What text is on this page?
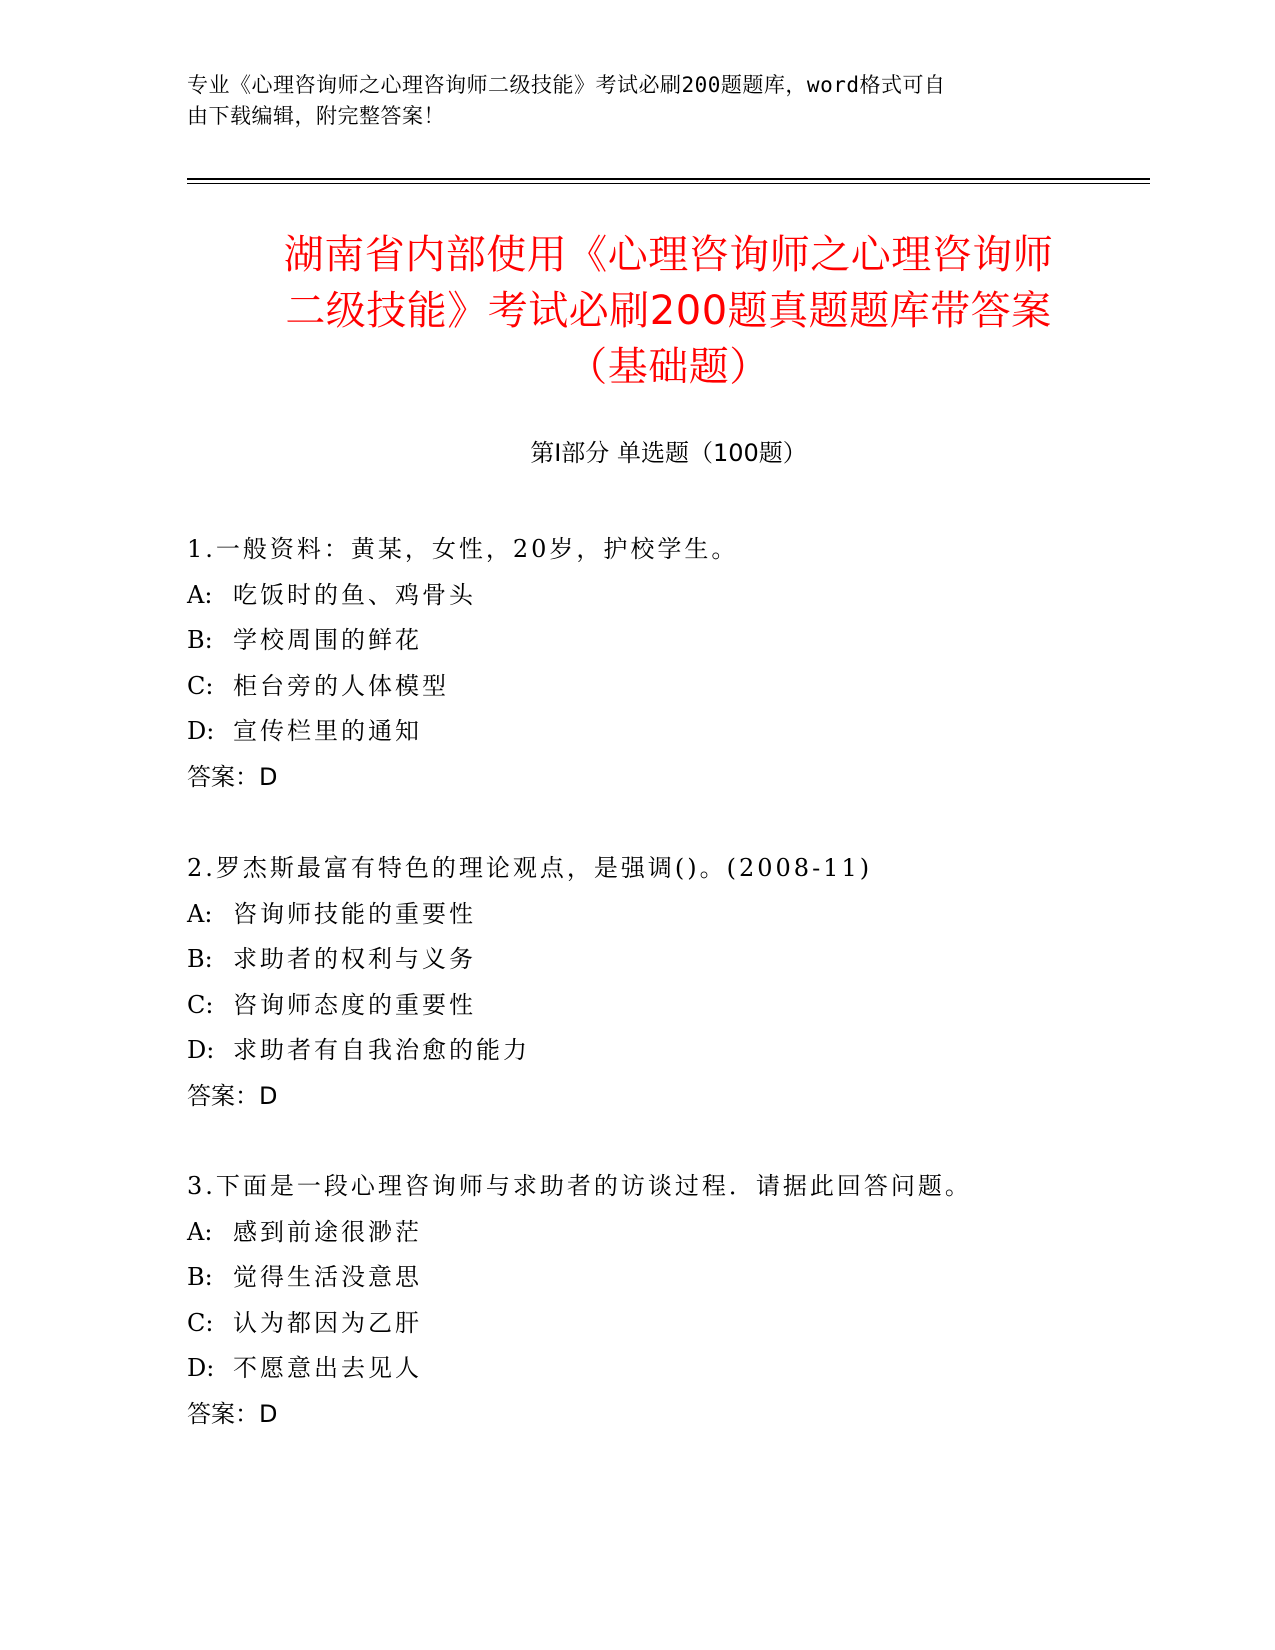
专业《心理咨询师之心理咨询师二级技能》考试必刷200题题库，word格式可自
由下载编辑，附完整答案！
湖南省内部使用《心理咨询师之心理咨询师
二级技能》考试必刷200题真题题库带答案
（基础题）
第Ⅰ部分 单选题（100题）
1.一般资料：黄某，女性，20岁，护校学生。
A: 吃饭时的鱼、鸡骨头
B: 学校周围的鲜花
C: 柜台旁的人体模型
D: 宣传栏里的通知
答案：D
2.罗杰斯最富有特色的理论观点，是强调()。(2008-11)
A: 咨询师技能的重要性
B: 求助者的权利与义务
C: 咨询师态度的重要性
D: 求助者有自我治愈的能力
答案：D
3.下面是一段心理咨询师与求助者的访谈过程．请据此回答问题。
A: 感到前途很渺茫
B: 觉得生活没意思
C: 认为都因为乙肝
D: 不愿意出去见人
答案：D
